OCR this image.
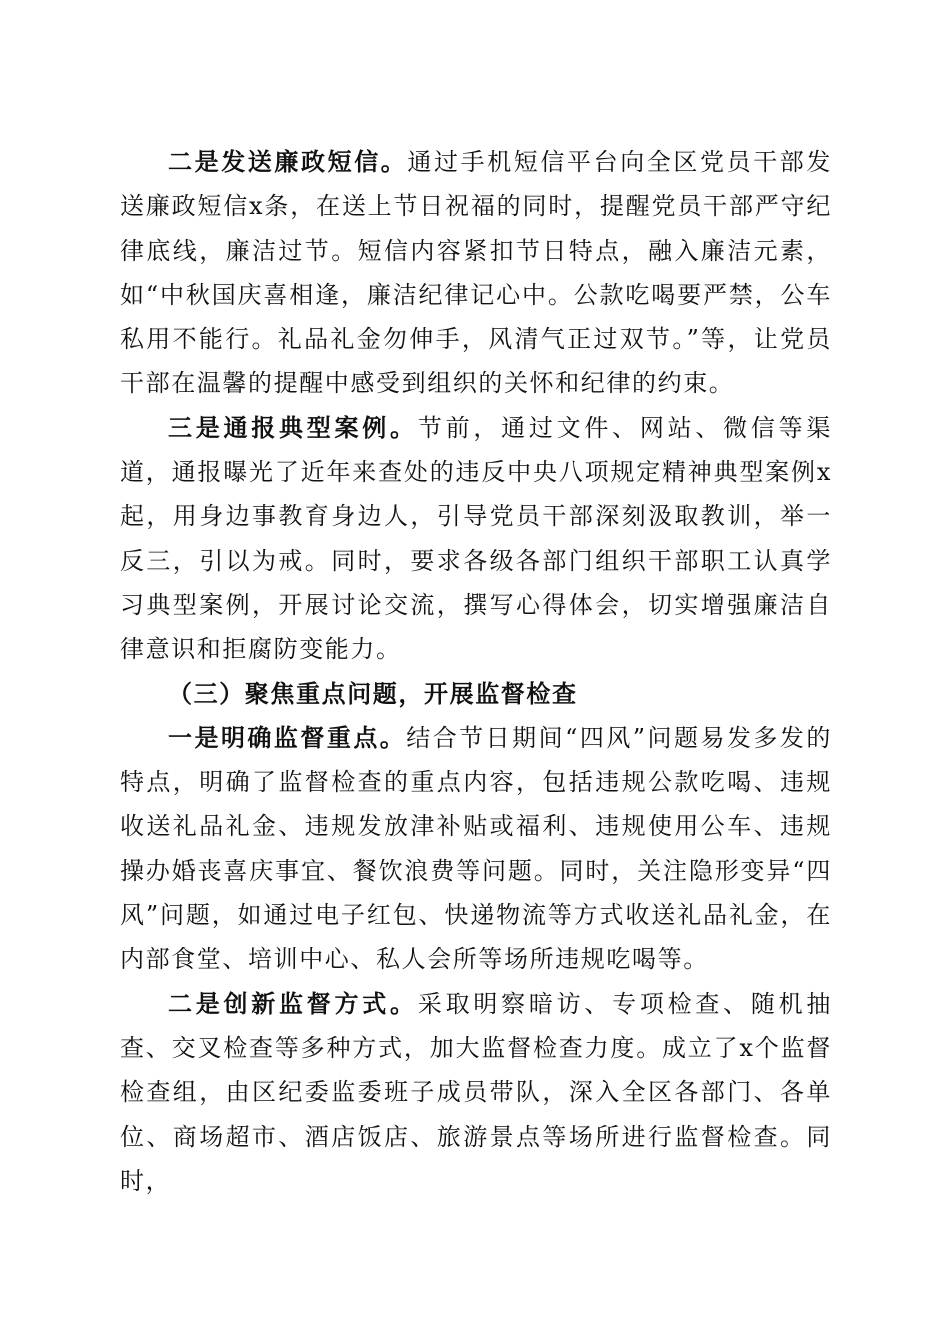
二是发送廉政短信。通过手机短信平台向全区党员干部发送廉政短信x条，在送上节日祝福的同时，提醒党员干部严守纪律底线，廉洁过节。短信内容紧扣节日特点，融入廉洁元素，如“中秋国庆喜相逢，廉洁纪律记心中。公款吃喝要严禁，公车私用不能行。礼品礼金勿伸手，风清气正过双节。”等，让党员干部在温馨的提醒中感受到组织的关怀和纪律的约束。

三是通报典型案例。节前，通过文件、网站、微信等渠道，通报曝光了近年来查处的违反中央八项规定精神典型案例x起，用身边事教育身边人，引导党员干部深刻汲取教训，举一反三，引以为戒。同时，要求各级各部门组织干部职工认真学习典型案例，开展讨论交流，撰写心得体会，切实增强廉洁自律意识和拒腐防变能力。

（三）聚焦重点问题，开展监督检查

一是明确监督重点。结合节日期间“四风”问题易发多发的特点，明确了监督检查的重点内容，包括违规公款吃喝、违规收送礼品礼金、违规发放津补贴或福利、违规使用公车、违规操办婚丧喜庆事宜、餐饮浪费等问题。同时，关注隐形变异“四风”问题，如通过电子红包、快递物流等方式收送礼品礼金，在内部食堂、培训中心、私人会所等场所违规吃喝等。

二是创新监督方式。采取明察暗访、专项检查、随机抽查、交叉检查等多种方式，加大监督检查力度。成立了x个监督检查组，由区纪委监委班子成员带队，深入全区各部门、各单位、商场超市、酒店饭店、旅游景点等场所进行监督检查。同时，
